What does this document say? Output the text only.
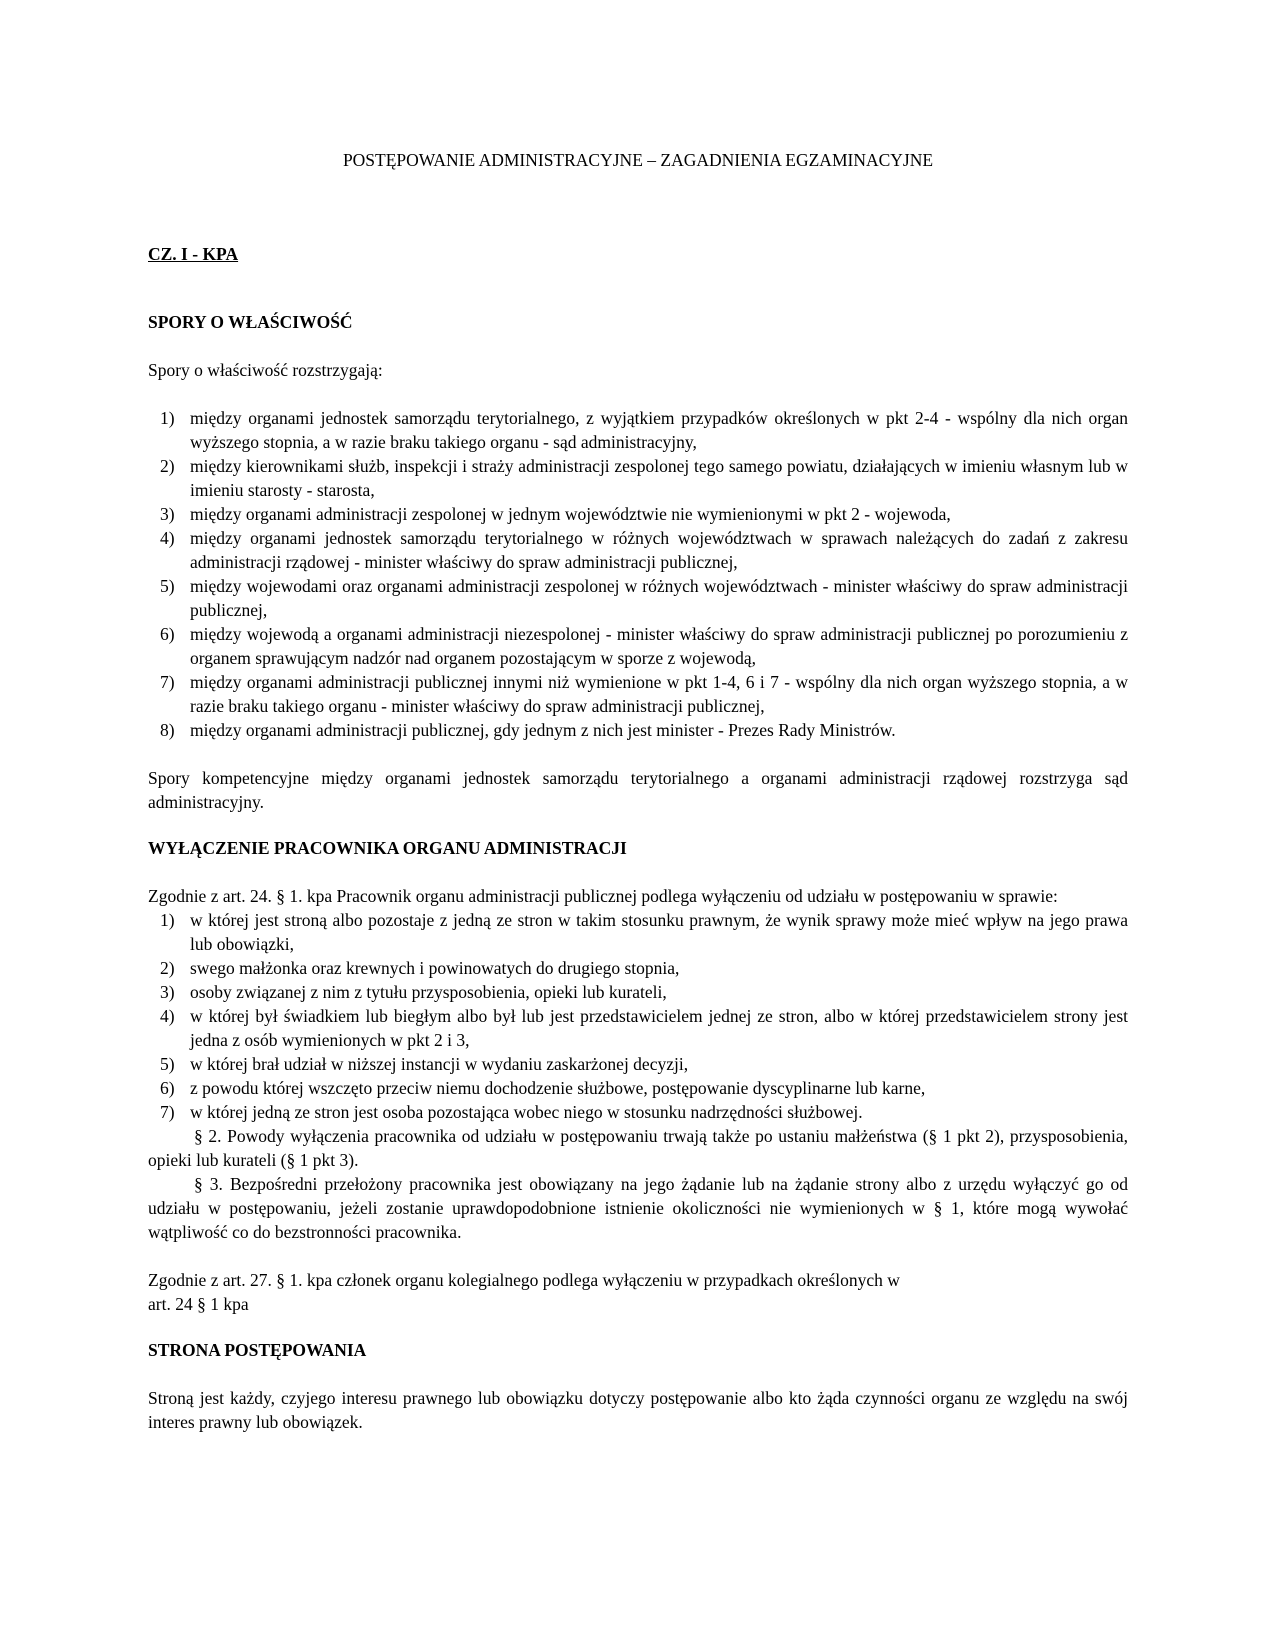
POSTĘPOWANIE ADMINISTRACYJNE – ZAGADNIENIA EGZAMINACYJNE

CZ. I - KPA

SPORY O WŁAŚCIWOŚĆ

Spory o właściwość rozstrzygają:

1) między organami jednostek samorządu terytorialnego, z wyjątkiem przypadków określonych w pkt 2-4 - wspólny dla nich organ wyższego stopnia, a w razie braku takiego organu - sąd administracyjny,
2) między kierownikami służb, inspekcji i straży administracji zespolonej tego samego powiatu, działających w imieniu własnym lub w imieniu starosty - starosta,
3) między organami administracji zespolonej w jednym województwie nie wymienionymi w pkt 2 - wojewoda,
4) między organami jednostek samorządu terytorialnego w różnych województwach w sprawach należących do zadań z zakresu administracji rządowej - minister właściwy do spraw administracji publicznej,
5) między wojewodami oraz organami administracji zespolonej w różnych województwach - minister właściwy do spraw administracji publicznej,
6) między wojewodą a organami administracji niezespolonej - minister właściwy do spraw administracji publicznej po porozumieniu z organem sprawującym nadzór nad organem pozostającym w sporze z wojewodą,
7) między organami administracji publicznej innymi niż wymienione w pkt 1-4, 6 i 7 - wspólny dla nich organ wyższego stopnia, a w razie braku takiego organu - minister właściwy do spraw administracji publicznej,
8) między organami administracji publicznej, gdy jednym z nich jest minister - Prezes Rady Ministrów.

Spory kompetencyjne między organami jednostek samorządu terytorialnego a organami administracji rządowej rozstrzyga sąd administracyjny.

WYŁĄCZENIE PRACOWNIKA ORGANU ADMINISTRACJI

Zgodnie z art. 24. § 1. kpa Pracownik organu administracji publicznej podlega wyłączeniu od udziału w postępowaniu w sprawie:

1) w której jest stroną albo pozostaje z jedną ze stron w takim stosunku prawnym, że wynik sprawy może mieć wpływ na jego prawa lub obowiązki,
2) swego małżonka oraz krewnych i powinowatych do drugiego stopnia,
3) osoby związanej z nim z tytułu przysposobienia, opieki lub kurateli,
4) w której był świadkiem lub biegłym albo był lub jest przedstawicielem jednej ze stron, albo w której przedstawicielem strony jest jedna z osób wymienionych w pkt 2 i 3,
5) w której brał udział w niższej instancji w wydaniu zaskarżonej decyzji,
6) z powodu której wszczęto przeciw niemu dochodzenie służbowe, postępowanie dyscyplinarne lub karne,
7) w której jedną ze stron jest osoba pozostająca wobec niego w stosunku nadrzędności służbowej.

§ 2. Powody wyłączenia pracownika od udziału w postępowaniu trwają także po ustaniu małżeństwa (§ 1 pkt 2), przysposobienia, opieki lub kurateli (§ 1 pkt 3).

§ 3. Bezpośredni przełożony pracownika jest obowiązany na jego żądanie lub na żądanie strony albo z urzędu wyłączyć go od udziału w postępowaniu, jeżeli zostanie uprawdopodobnione istnienie okoliczności nie wymienionych w § 1, które mogą wywołać wątpliwość co do bezstronności pracownika.

Zgodnie z art. 27. § 1. kpa członek organu kolegialnego podlega wyłączeniu w przypadkach określonych w

art. 24 § 1 kpa

STRONA POSTĘPOWANIA

Stroną jest każdy, czyjego interesu prawnego lub obowiązku dotyczy postępowanie albo kto żąda czynności organu ze względu na swój interes prawny lub obowiązek.
